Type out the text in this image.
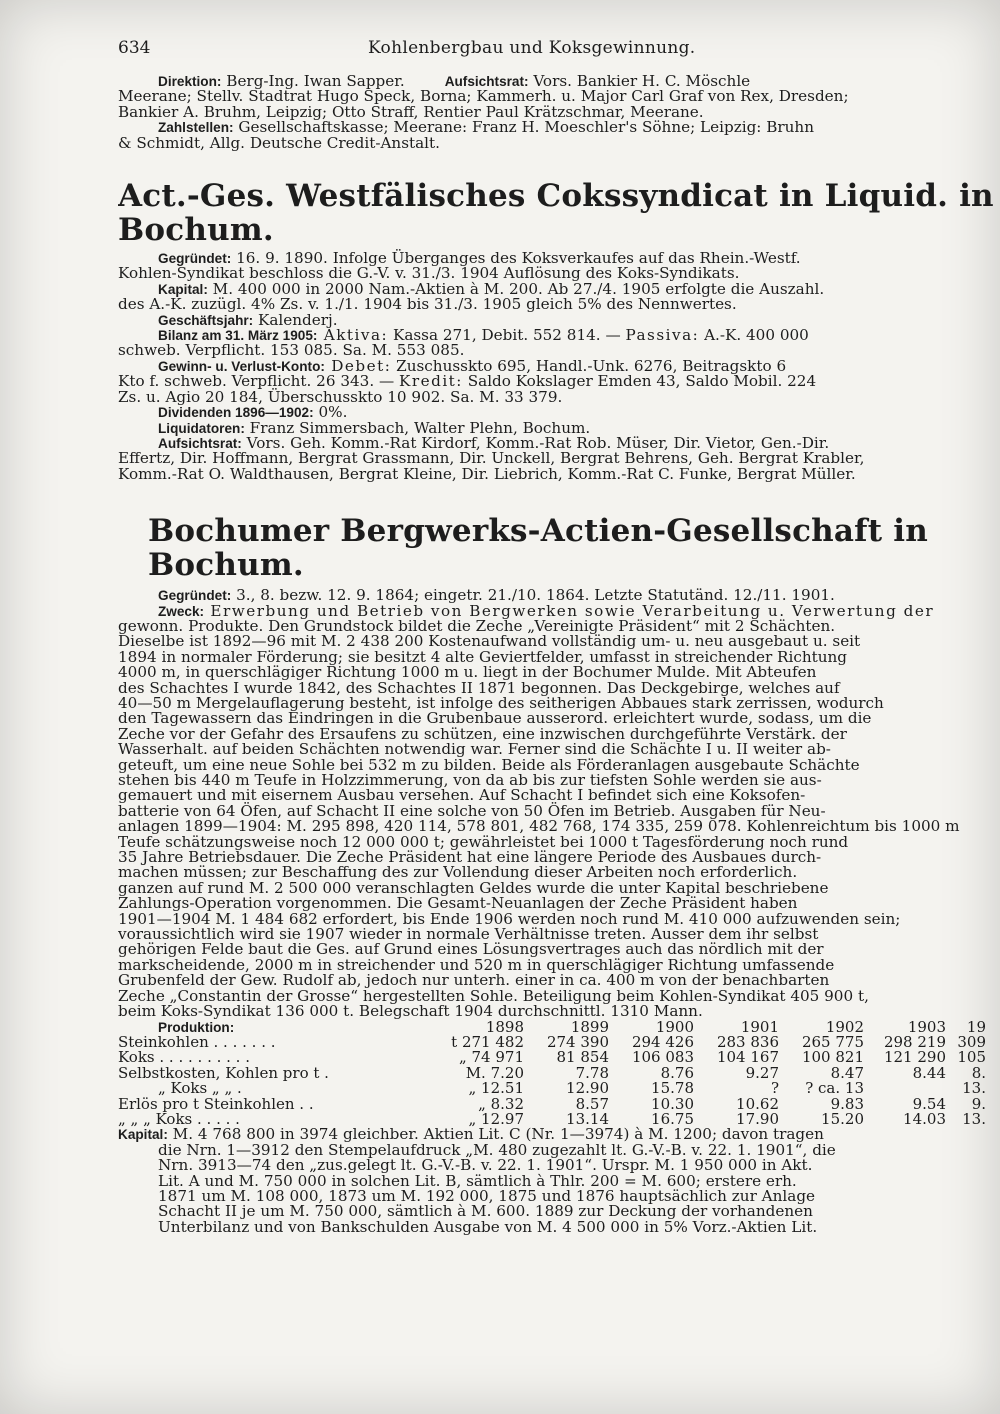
634	Kohlenbergbau und Koksgewinnung.

Direktion: Berg-Ing. Iwan Sapper.	Aufsichtsrat: Vors. Bankier H. C. Möschle

Meerane; Stellv. Stadtrat Hugo Speck, Borna; Kammerh. u. Major Carl Graf von Rex, Dresden;

Bankier A. Bruhm, Leipzig; Otto Straff, Rentier Paul Krätzschmar, Meerane.

Zahlstellen: Gesellschaftskasse; Meerane: Franz H. Moeschler's Söhne; Leipzig: Bruhn

& Schmidt, Allg. Deutsche Credit-Anstalt.

Act.-Ges. Westfälisches Cokssyndicat in Liquid. in Bochum.

Gegründet: 16. 9. 1890. Infolge Überganges des Koksverkaufes auf das Rhein.-Westf.

Kohlen-Syndikat beschloss die G.-V. v. 31./3. 1904 Auflösung des Koks-Syndikats.

Kapital: M. 400 000 in 2000 Nam.-Aktien à M. 200. Ab 27./4. 1905 erfolgte die Auszahl.

des A.-K. zuzügl. 4% Zs. v. 1./1. 1904 bis 31./3. 1905 gleich 5% des Nennwertes.

Geschäftsjahr: Kalenderj.

Bilanz am 31. März 1905: Aktiva: Kassa 271, Debit. 552 814. — Passiva: A.-K. 400 000

schweb. Verpflicht. 153 085. Sa. M. 553 085.

Gewinn- u. Verlust-Konto: Debet: Zuschusskto 695, Handl.-Unk. 6276, Beitragskto 6

Kto f. schweb. Verpflicht. 26 343. — Kredit: Saldo Kokslager Emden 43, Saldo Mobil. 224

Zs. u. Agio 20 184, Überschusskto 10 902. Sa. M. 33 379.

Dividenden 1896—1902: 0%.

Liquidatoren: Franz Simmersbach, Walter Plehn, Bochum.

Aufsichtsrat: Vors. Geh. Komm.-Rat Kirdorf, Komm.-Rat Rob. Müser, Dir. Vietor, Gen.-Dir.

Effertz, Dir. Hoffmann, Bergrat Grassmann, Dir. Unckell, Bergrat Behrens, Geh. Bergrat Krabler,

Komm.-Rat O. Waldthausen, Bergrat Kleine, Dir. Liebrich, Komm.-Rat C. Funke, Bergrat Müller.

Bochumer Bergwerks-Actien-Gesellschaft in Bochum.

Gegründet: 3., 8. bezw. 12. 9. 1864; eingetr. 21./10. 1864. Letzte Statutänd. 12./11. 1901.

Zweck: Erwerbung und Betrieb von Bergwerken sowie Verarbeitung u. Verwertung der

gewonn. Produkte. Den Grundstock bildet die Zeche „Vereinigte Präsident“ mit 2 Schächten.

Dieselbe ist 1892—96 mit M. 2 438 200 Kostenaufwand vollständig um- u. neu ausgebaut u. seit

1894 in normaler Förderung; sie besitzt 4 alte Geviertfelder, umfasst in streichender Richtung

4000 m, in querschlägiger Richtung 1000 m u. liegt in der Bochumer Mulde. Mit Abteufen

des Schachtes I wurde 1842, des Schachtes II 1871 begonnen. Das Deckgebirge, welches auf

40—50 m Mergelauflagerung besteht, ist infolge des seitherigen Abbaues stark zerrissen, wodurch

den Tagewassern das Eindringen in die Grubenbaue ausserord. erleichtert wurde, sodass, um die

Zeche vor der Gefahr des Ersaufens zu schützen, eine inzwischen durchgeführte Verstärk. der

Wasserhalt. auf beiden Schächten notwendig war. Ferner sind die Schächte I u. II weiter ab-

geteuft, um eine neue Sohle bei 532 m zu bilden. Beide als Förderanlagen ausgebaute Schächte

stehen bis 440 m Teufe in Holzzimmerung, von da ab bis zur tiefsten Sohle werden sie aus-

gemauert und mit eisernem Ausbau versehen. Auf Schacht I befindet sich eine Koksofen-

batterie von 64 Öfen, auf Schacht II eine solche von 50 Öfen im Betrieb. Ausgaben für Neu-

anlagen 1899—1904: M. 295 898, 420 114, 578 801, 482 768, 174 335, 259 078. Kohlenreichtum bis 1000 m

Teufe schätzungsweise noch 12 000 000 t; gewährleistet bei 1000 t Tagesförderung noch rund

35 Jahre Betriebsdauer. Die Zeche Präsident hat eine längere Periode des Ausbaues durch-

machen müssen; zur Beschaffung des zur Vollendung dieser Arbeiten noch erforderlich.

ganzen auf rund M. 2 500 000 veranschlagten Geldes wurde die unter Kapital beschriebene

Zahlungs-Operation vorgenommen. Die Gesamt-Neuanlagen der Zeche Präsident haben

1901—1904 M. 1 484 682 erfordert, bis Ende 1906 werden noch rund M. 410 000 aufzuwenden sein;

voraussichtlich wird sie 1907 wieder in normale Verhältnisse treten. Ausser dem ihr selbst

gehörigen Felde baut die Ges. auf Grund eines Lösungsvertrages auch das nördlich mit der

markscheidende, 2000 m in streichender und 520 m in querschlägiger Richtung umfassende

Grubenfeld der Gew. Rudolf ab, jedoch nur unterh. einer in ca. 400 m von der benachbarten

Zeche „Constantin der Grosse“ hergestellten Sohle. Beteiligung beim Kohlen-Syndikat 405 900 t,

beim Koks-Syndikat 136 000 t. Belegschaft 1904 durchschnittl. 1310 Mann.

Produktion:	1898	1899	1900	1901	1902	1903	19
Steinkohlen . . . . . . .	t 271 482	274 390	294 426	283 836	265 775	298 219	309
Koks . . . . . . . . . .	„ 74 971	81 854	106 083	104 167	100 821	121 290	105
Selbstkosten, Kohlen pro t .	M. 7.20	7.78	8.76	9.27	8.47	8.44	8.
„ Koks „ „ .	„ 12.51	12.90	15.78	?	? ca. 13		13.
Erlös pro t Steinkohlen . .	„ 8.32	8.57	10.30	10.62	9.83	9.54	9.
„ „ „ Koks . . . . .	„ 12.97	13.14	16.75	17.90	15.20	14.03	13.

Kapital: M. 4 768 800 in 3974 gleichber. Aktien Lit. C (Nr. 1—3974) à M. 1200; davon tragen

die Nrn. 1—3912 den Stempelaufdruck „M. 480 zugezahlt lt. G.-V.-B. v. 22. 1. 1901“, die

Nrn. 3913—74 den „zus.gelegt lt. G.-V.-B. v. 22. 1. 1901“. Urspr. M. 1 950 000 in Akt.

Lit. A und M. 750 000 in solchen Lit. B, sämtlich à Thlr. 200 = M. 600; erstere erh.

1871 um M. 108 000, 1873 um M. 192 000, 1875 und 1876 hauptsächlich zur Anlage

Schacht II je um M. 750 000, sämtlich à M. 600. 1889 zur Deckung der vorhandenen

Unterbilanz und von Bankschulden Ausgabe von M. 4 500 000 in 5% Vorz.-Aktien Lit.
